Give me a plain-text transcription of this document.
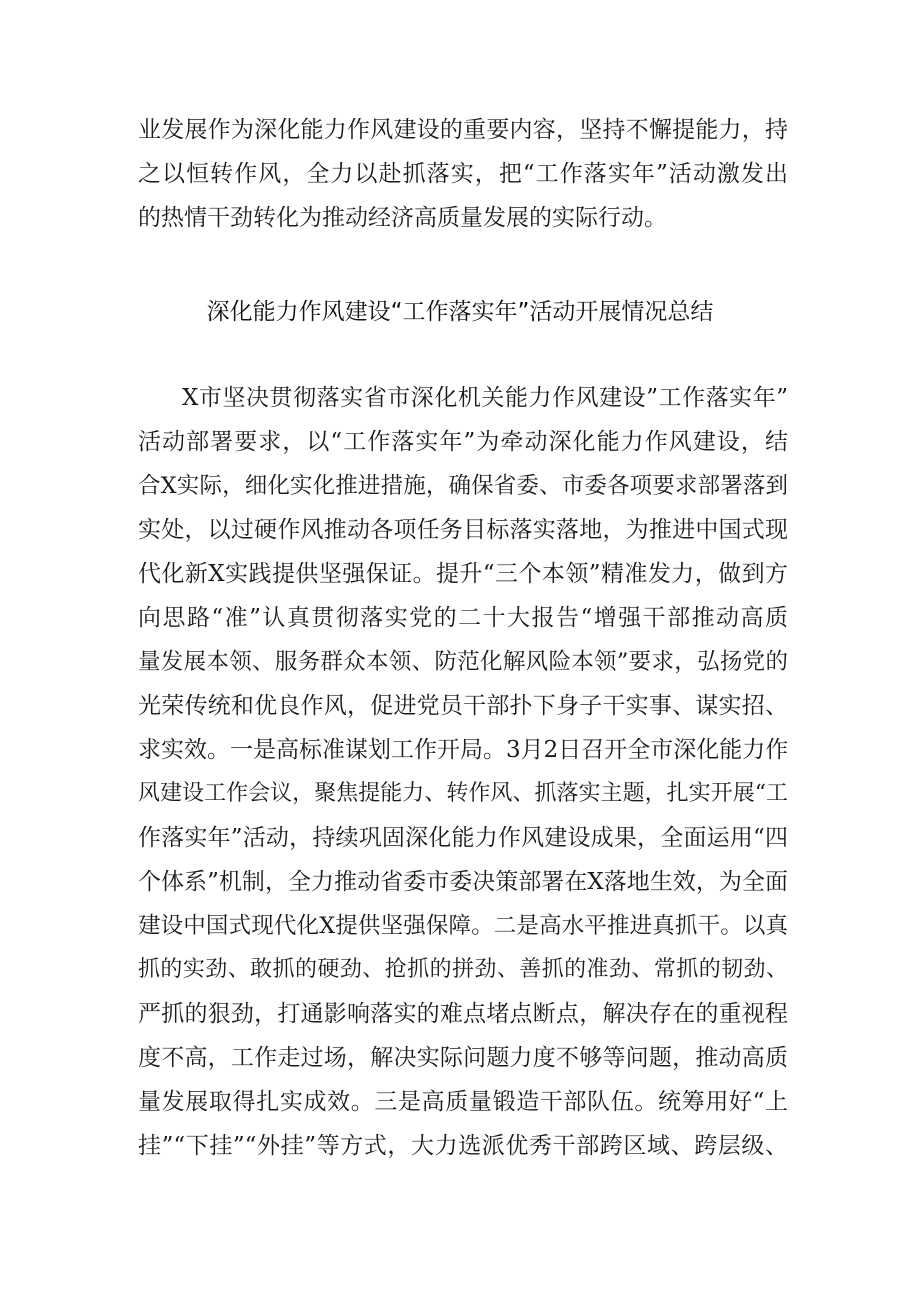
业发展作为深化能力作风建设的重要内容，坚持不懈提能力，持
之以恒转作风，全力以赴抓落实，把“工作落实年”活动激发出
的热情干劲转化为推动经济高质量发展的实际行动。
深化能力作风建设“工作落实年”活动开展情况总结
X市坚决贯彻落实省市深化机关能力作风建设”工作落实年”
活动部署要求，以“工作落实年”为牵动深化能力作风建设，结
合X实际，细化实化推进措施，确保省委、市委各项要求部署落到
实处，以过硬作风推动各项任务目标落实落地，为推进中国式现
代化新X实践提供坚强保证。提升“三个本领”精准发力，做到方
向思路“准”认真贯彻落实党的二十大报告“增强干部推动高质
量发展本领、服务群众本领、防范化解风险本领”要求，弘扬党的
光荣传统和优良作风，促进党员干部扑下身子干实事、谋实招、
求实效。一是高标准谋划工作开局。3月2日召开全市深化能力作
风建设工作会议，聚焦提能力、转作风、抓落实主题，扎实开展“工
作落实年”活动，持续巩固深化能力作风建设成果，全面运用“四
个体系”机制，全力推动省委市委决策部署在X落地生效，为全面
建设中国式现代化X提供坚强保障。二是高水平推进真抓干。以真
抓的实劲、敢抓的硬劲、抢抓的拼劲、善抓的准劲、常抓的韧劲、
严抓的狠劲，打通影响落实的难点堵点断点，解决存在的重视程
度不高，工作走过场，解决实际问题力度不够等问题，推动高质
量发展取得扎实成效。三是高质量锻造干部队伍。统筹用好“上
挂”“下挂”“外挂”等方式，大力选派优秀干部跨区域、跨层级、
